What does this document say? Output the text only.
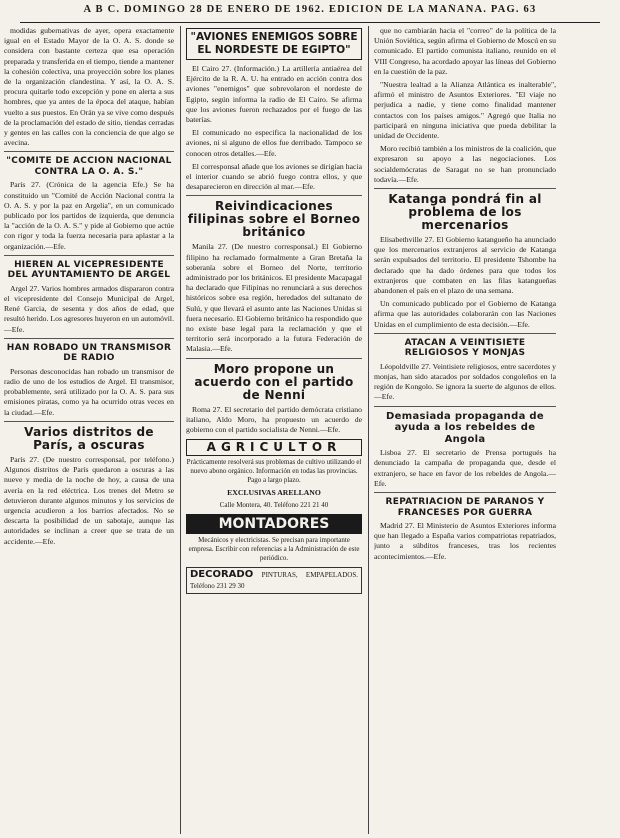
A B C. DOMINGO 28 DE ENERO DE 1962. EDICION DE LA MAÑANA. PAG. 63

modidas gubernativas de ayer, opera exactamente igual en el Estado Mayor de la O. A. S. donde se considera con bastante certeza que esa operación preparada y transferida en el tiempo, tiende a mantener la cohesión colectiva, una proyección sobre los planes de la organización clandestina. Y así, la O. A. S. procura quitarle todo excepción y pone en alerta a sus hombres, que ya antes de la época del ataque, habían vuelto a sus puestos. En Orán ya se vive como después de la proclamación del estado de sitio, tiendas cerradas y gentes en las calles con la conciencia de que algo se avecina.

"COMITE DE ACCION NACIONAL CONTRA LA O. A. S."

París 27. (Crónica de la agencia Efe.) Se ha constituido un "Comité de Acción Nacional contra la O. A. S. y por la paz en Argelia", en un comunicado publicado por los partidos de izquierda, que denuncia la "acción de la O. A. S." y pide al Gobierno que actúe con rigor y toda la fuerza necesaria para aplastar a la organización.—Efe.

HIEREN AL VICEPRESIDENTE DEL AYUNTAMIENTO DE ARGEL

Argel 27. Varios hombres armados dispararon contra el vicepresidente del Consejo Municipal de Argel, René Garcia, de sesenta y dos años de edad, que resultó herido. Los agresores huyeron en un automóvil.—Efe.

HAN ROBADO UN TRANSMISOR DE RADIO

Personas desconocidas han robado un transmisor de radio de uno de los estudios de Argel. El transmisor, probablemente, será utilizado por la O. A. S. para sus emisiones piratas, como ya ha ocurrido otras veces en la ciudad.—Efe.

Varios distritos de París, a oscuras

París 27. (De nuestro corresponsal, por teléfono.) Algunos distritos de París quedaron a oscuras a las nueve y media de la noche de hoy, a causa de una avería en la red eléctrica. Los trenes del Metro se detuvieron durante algunos minutos y los servicios de urgencia acudieron a los barrios afectados. No se descarta la posibilidad de un sabotaje, aunque las autoridades se inclinan a creer que se trata de un accidente.—Efe.

"AVIONES ENEMIGOS SOBRE EL NORDESTE DE EGIPTO"

El Cairo 27. (Información.) La artillería antiaérea del Ejército de la R. A. U. ha entrado en acción contra dos aviones "enemigos" que sobrevolaron el nordeste de Egipto, según informa la radio de El Cairo. Se afirma que los aviones fueron rechazados por el fuego de las baterías.

El comunicado no especifica la nacionalidad de los aviones, ni si alguno de ellos fue derribado. Tampoco se conocen otros detalles.—Efe.

El corresponsal añade que los aviones se dirigían hacia el interior cuando se abrió fuego contra ellos, y que desaparecieron en dirección al mar.—Efe.

Reivindicaciones filipinas sobre el Borneo británico

Manila 27. (De nuestro corresponsal.) El Gobierno filipino ha reclamado formalmente a Gran Bretaña la soberanía sobre el Borneo del Norte, territorio administrado por los británicos. El presidente Macapagal ha declarado que Filipinas no renunciará a sus derechos históricos sobre esa región, heredados del sultanato de Sulú, y que llevará el asunto ante las Naciones Unidas si fuera necesario. El Gobierno británico ha respondido que no existe base legal para la reclamación y que el territorio será incorporado a la futura Federación de Malasia.—Efe.

Moro propone un acuerdo con el partido de Nenni

Roma 27. El secretario del partido demócrata cristiano italiano, Aldo Moro, ha propuesto un acuerdo de gobierno con el partido socialista de Nenni.—Efe.

AGRICULTOR
Prácticamente resolverá sus problemas de cultivo utilizando el nuevo abono orgánico. Información en todas las provincias. Pago a largo plazo.
EXCLUSIVAS ARELLANO
Calle Montera, 40. Teléfono 221 21 40
MONTADORES
Mecánicos y electricistas. Se precisan para importante empresa. Escribir con referencias a la Administración de este periódico.
DECORADO PINTURAS, EMPAPELADOS. Teléfono 231 29 30

que no cambiarán hacia el "correo" de la política de la Unión Soviética, según afirma el Gobierno de Moscú en su comunicado. El partido comunista italiano, reunido en el VIII Congreso, ha acordado apoyar las líneas del Gobierno en la cuestión de la paz.

"Nuestra lealtad a la Alianza Atlántica es inalterable", afirmó el ministro de Asuntos Exteriores. "El viaje no perjudica a nadie, y tiene como finalidad mantener contactos con los países amigos." Agregó que Italia no participará en ninguna iniciativa que pueda debilitar la unidad de Occidente.

Moro recibió también a los ministros de la coalición, que expresaron su apoyo a las negociaciones. Los socialdemócratas de Saragat no se han pronunciado todavía.—Efe.

Katanga pondrá fin al problema de los mercenarios

Elisabethville 27. El Gobierno katangueño ha anunciado que los mercenarios extranjeros al servicio de Katanga serán expulsados del territorio. El presidente Tshombe ha declarado que ha dado órdenes para que todos los extranjeros que combaten en las filas katangueñas abandonen el país en el plazo de una semana.

Un comunicado publicado por el Gobierno de Katanga afirma que las autoridades colaborarán con las Naciones Unidas en el cumplimiento de esta decisión.—Efe.

ATACAN A VEINTISIETE RELIGIOSOS Y MONJAS

Léopoldville 27. Veintisiete religiosos, entre sacerdotes y monjas, han sido atacados por soldados congoleños en la región de Kongolo. Se ignora la suerte de algunos de ellos.—Efe.

Demasiada propaganda de ayuda a los rebeldes de Angola

Lisboa 27. El secretario de Prensa portugués ha denunciado la campaña de propaganda que, desde el extranjero, se hace en favor de los rebeldes de Angola.—Efe.

REPATRIACION DE PARANOS Y FRANCESES POR GUERRA

Madrid 27. El Ministerio de Asuntos Exteriores informa que han llegado a España varios compatriotas repatriados, junto a súbditos franceses, tras los recientes acontecimientos.—Efe.
